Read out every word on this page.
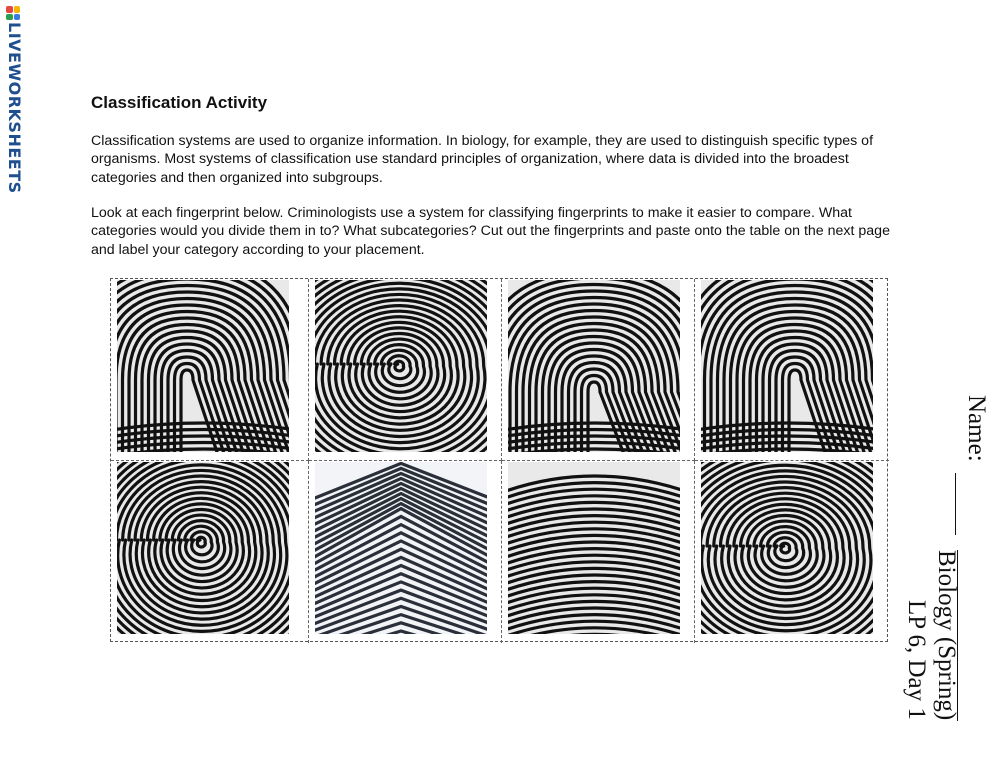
LIVEWORKSHEETS	Classification Activity
Classification systems are used to organize information. In biology, for example, they are used to distinguish specific types of organisms. Most systems of classification use standard principles of organization, where data is divided into the broadest categories and then organized into subgroups.
Look at each fingerprint below. Criminologists use a system for classifying fingerprints to make it easier to compare. What categories would you divide them in to? What subcategories? Cut out the fingerprints and paste onto the table on the next page and label your category according to your placement.
Name:
Biology (Spring)
LP 6, Day 1
